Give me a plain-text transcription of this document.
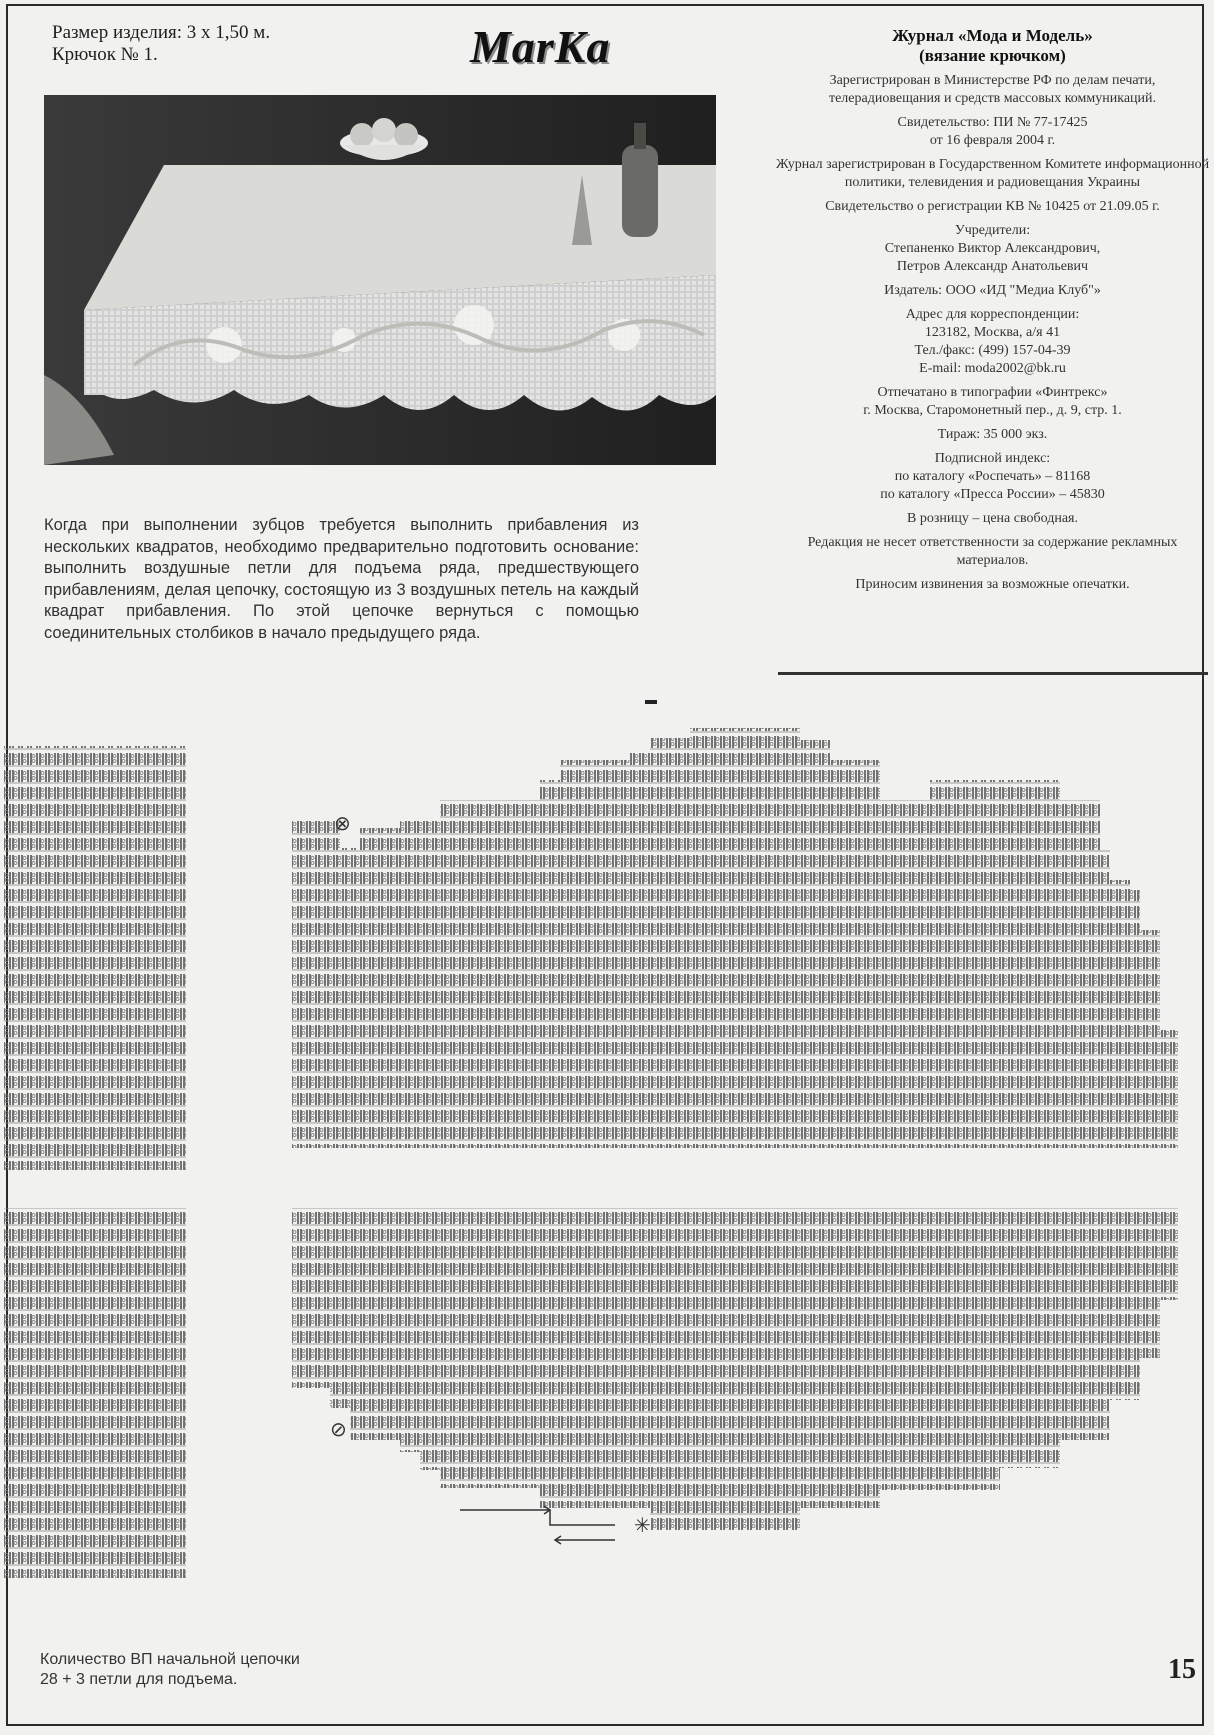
Размер изделия: 3 х 1,50 м.
Крючок № 1.	MarKa
Когда при выполнении зубцов требуется выполнить прибавления из нескольких квадратов, необходимо предварительно подготовить основание: выполнить воздушные петли для подъема ряда, предшествующего прибавлениям, делая цепочку, состоящую из 3 воздушных петель на каждый квадрат прибавления. По этой цепочке вернуться с помощью соединительных столбиков в начало предыдущего ряда.
Журнал «Мода и Модель»
(вязание крючком)
Зарегистрирован в Министерстве РФ по делам печати, телерадиовещания и средств массовых коммуникаций.
Свидетельство: ПИ № 77-17425
от 16 февраля 2004 г.
Журнал зарегистрирован в Государственном Комитете информационной политики, телевидения и радиовещания Украины
Свидетельство о регистрации КВ № 10425 от 21.09.05 г.
Учредители:
Степаненко Виктор Александрович,
Петров Александр Анатольевич
Издатель: ООО «ИД "Медиа Клуб"»
Адрес для корреспонденции:
123182, Москва, а/я 41
Тел./факс: (499) 157-04-39
E-mail: moda2002@bk.ru
Отпечатано в типографии «Финтрекс»
г. Москва, Старомонетный пер., д. 9, стр. 1.
Тираж: 35 000 экз.
Подписной индекс:
по каталогу «Роспечать» – 81168
по каталогу «Пресса России» – 45830
В розницу – цена свободная.
Редакция не несет ответственности за содержание рекламных материалов.
Приносим извинения за возможные опечатки.
⊗
⊘
✳
Количество ВП начальной цепочки
28 + 3 петли для подъема.	15
